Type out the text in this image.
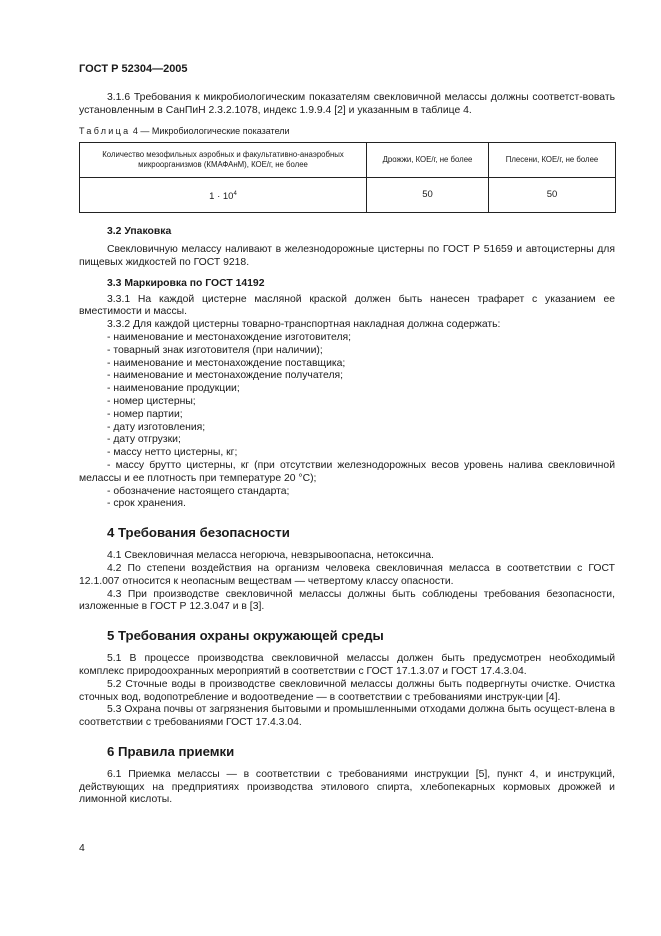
ГОСТ Р 52304—2005

3.1.6 Требования к микробиологическим показателям свекловичной мелассы должны соответст-вовать установленным в СанПиН 2.3.2.1078, индекс 1.9.9.4 [2] и указанным в таблице 4.

Таблица 4 — Микробиологические показатели
Количество мезофильных аэробных и факультативно-анаэробных микроорганизмов (КМАФАнМ), КОЕ/г, не более	Дрожжи, КОЕ/г, не более	Плесени, КОЕ/г, не более
$1 \cdot 10^4$	50	50

3.2 Упаковка

Свекловичную мелассу наливают в железнодорожные цистерны по ГОСТ Р 51659 и автоцистерны для пищевых жидкостей по ГОСТ 9218.

3.3 Маркировка по ГОСТ 14192

3.3.1 На каждой цистерне масляной краской должен быть нанесен трафарет с указанием ее вместимости и массы.

3.3.2 Для каждой цистерны товарно-транспортная накладная должна содержать:

- наименование и местонахождение изготовителя;

- товарный знак изготовителя (при наличии);

- наименование и местонахождение поставщика;

- наименование и местонахождение получателя;

- наименование продукции;

- номер цистерны;

- номер партии;

- дату изготовления;

- дату отгрузки;

- массу нетто цистерны, кг;

- массу брутто цистерны, кг (при отсутствии железнодорожных весов уровень налива свекловичной мелассы и ее плотность при температуре 20 °С);

- обозначение настоящего стандарта;

- срок хранения.

4 Требования безопасности

4.1 Свекловичная меласса негорюча, невзрывоопасна, нетоксична.

4.2 По степени воздействия на организм человека свекловичная меласса в соответствии с ГОСТ 12.1.007 относится к неопасным веществам — четвертому классу опасности.

4.3 При производстве свекловичной мелассы должны быть соблюдены требования безопасности, изложенные в ГОСТ Р 12.3.047 и в [3].

5 Требования охраны окружающей среды

5.1 В процессе производства свекловичной мелассы должен быть предусмотрен необходимый комплекс природоохранных мероприятий в соответствии с ГОСТ 17.1.3.07 и ГОСТ 17.4.3.04.

5.2 Сточные воды в производстве свекловичной мелассы должны быть подвергнуты очистке. Очистка сточных вод, водопотребление и водоотведение — в соответствии с требованиями инструк-ции [4].

5.3 Охрана почвы от загрязнения бытовыми и промышленными отходами должна быть осущест-влена в соответствии с требованиями ГОСТ 17.4.3.04.

6 Правила приемки

6.1 Приемка мелассы — в соответствии с требованиями инструкции [5], пункт 4, и инструкций, действующих на предприятиях производства этилового спирта, хлебопекарных кормовых дрожжей и лимонной кислоты.

4
